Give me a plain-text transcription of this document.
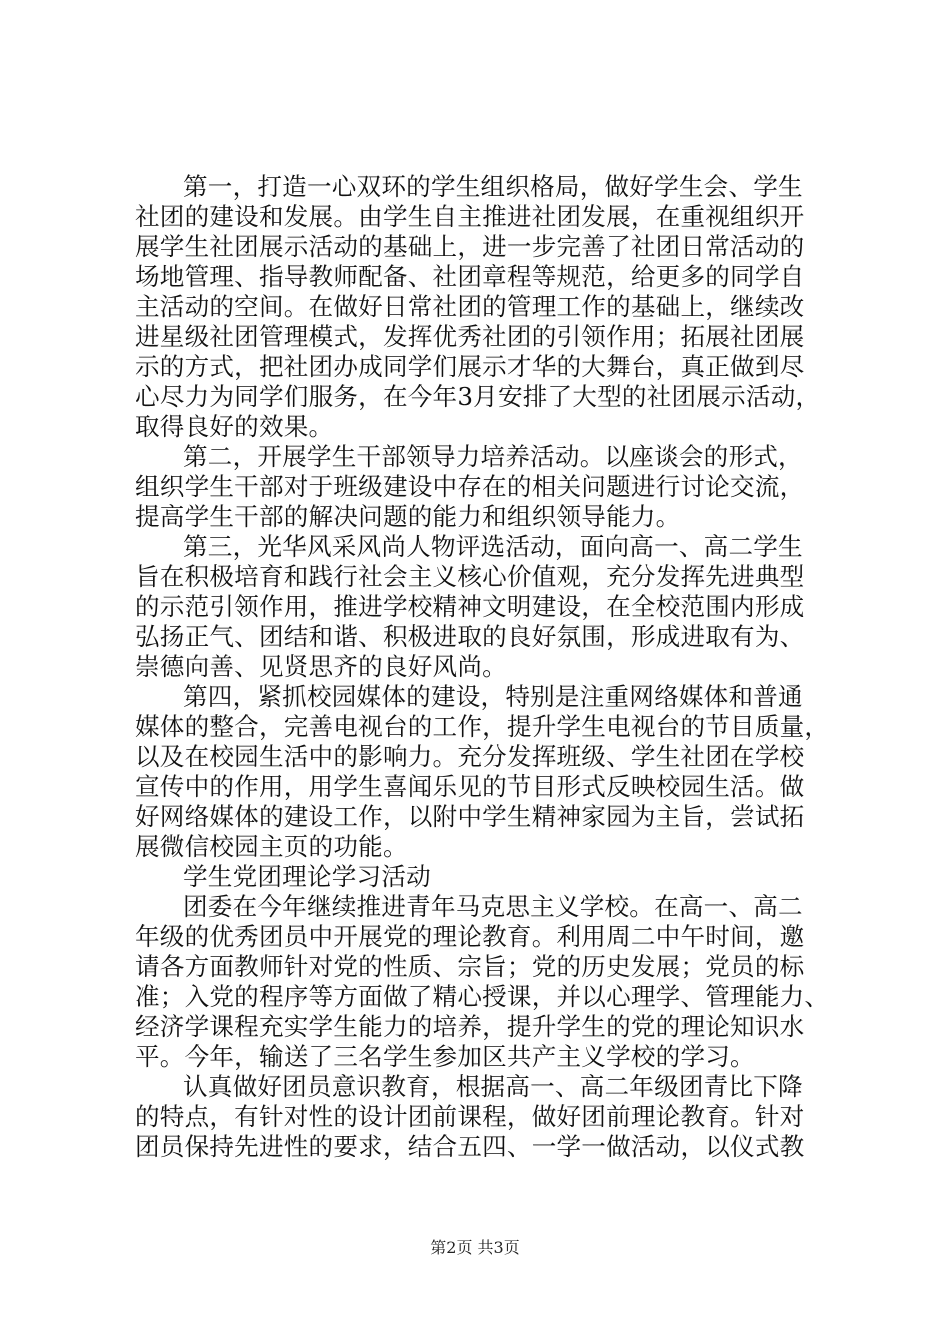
第一，打造一心双环的学生组织格局，做好学生会、学生
社团的建设和发展。由学生自主推进社团发展，在重视组织开
展学生社团展示活动的基础上，进一步完善了社团日常活动的
场地管理、指导教师配备、社团章程等规范，给更多的同学自
主活动的空间。在做好日常社团的管理工作的基础上，继续改
进星级社团管理模式，发挥优秀社团的引领作用；拓展社团展
示的方式，把社团办成同学们展示才华的大舞台，真正做到尽
心尽力为同学们服务，在今年3月安排了大型的社团展示活动，
取得良好的效果。
第二，开展学生干部领导力培养活动。以座谈会的形式，
组织学生干部对于班级建设中存在的相关问题进行讨论交流，
提高学生干部的解决问题的能力和组织领导能力。
第三，光华风采风尚人物评选活动，面向高一、高二学生
旨在积极培育和践行社会主义核心价值观，充分发挥先进典型
的示范引领作用，推进学校精神文明建设，在全校范围内形成
弘扬正气、团结和谐、积极进取的良好氛围，形成进取有为、
崇德向善、见贤思齐的良好风尚。
第四，紧抓校园媒体的建设，特别是注重网络媒体和普通
媒体的整合，完善电视台的工作，提升学生电视台的节目质量，
以及在校园生活中的影响力。充分发挥班级、学生社团在学校
宣传中的作用，用学生喜闻乐见的节目形式反映校园生活。做
好网络媒体的建设工作，以附中学生精神家园为主旨，尝试拓
展微信校园主页的功能。
学生党团理论学习活动
团委在今年继续推进青年马克思主义学校。在高一、高二
年级的优秀团员中开展党的理论教育。利用周二中午时间，邀
请各方面教师针对党的性质、宗旨；党的历史发展；党员的标
准；入党的程序等方面做了精心授课，并以心理学、管理能力、
经济学课程充实学生能力的培养，提升学生的党的理论知识水
平。今年，输送了三名学生参加区共产主义学校的学习。
认真做好团员意识教育，根据高一、高二年级团青比下降
的特点，有针对性的设计团前课程，做好团前理论教育。针对
团员保持先进性的要求，结合五四、一学一做活动，以仪式教
第2页 共3页
